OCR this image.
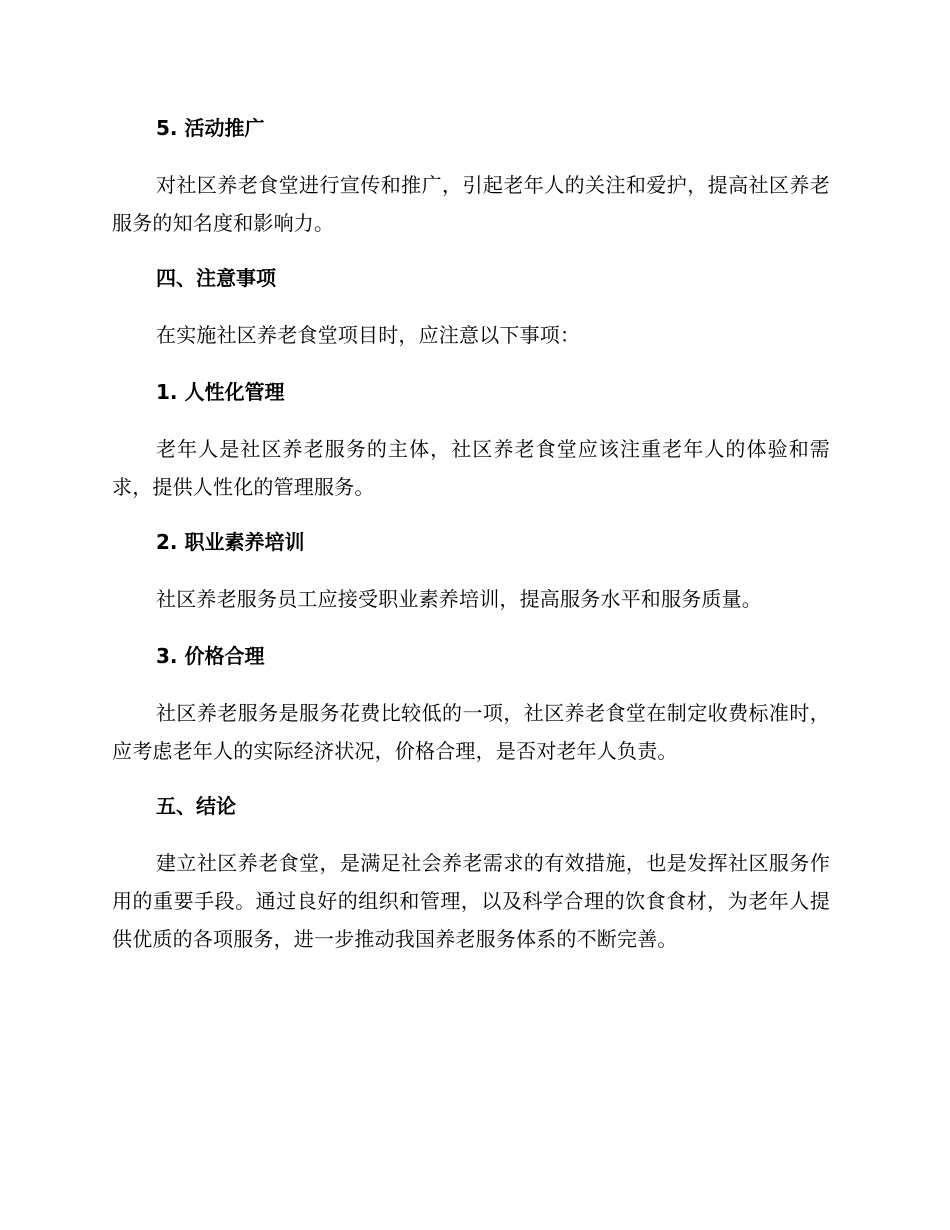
5. 活动推广

对社区养老食堂进行宣传和推广，引起老年人的关注和爱护，提高社区养老服务的知名度和影响力。

四、注意事项

在实施社区养老食堂项目时，应注意以下事项：

1. 人性化管理

老年人是社区养老服务的主体，社区养老食堂应该注重老年人的体验和需求，提供人性化的管理服务。

2. 职业素养培训

社区养老服务员工应接受职业素养培训，提高服务水平和服务质量。

3. 价格合理

社区养老服务是服务花费比较低的一项，社区养老食堂在制定收费标准时，应考虑老年人的实际经济状况，价格合理，是否对老年人负责。

五、结论

建立社区养老食堂，是满足社会养老需求的有效措施，也是发挥社区服务作用的重要手段。通过良好的组织和管理，以及科学合理的饮食食材，为老年人提供优质的各项服务，进一步推动我国养老服务体系的不断完善。
